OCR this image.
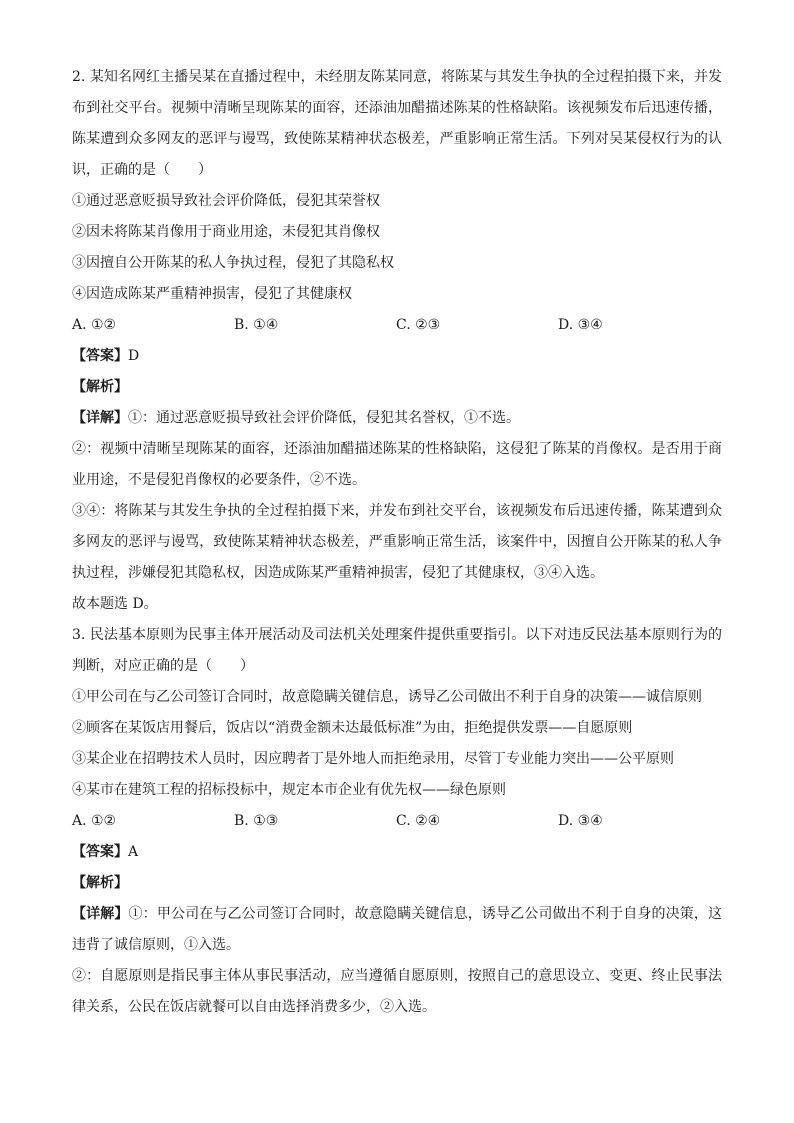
2. 某知名网红主播吴某在直播过程中，未经朋友陈某同意，将陈某与其发生争执的全过程拍摄下来，并发布到社交平台。视频中清晰呈现陈某的面容，还添油加醋描述陈某的性格缺陷。该视频发布后迅速传播，陈某遭到众多网友的恶评与谩骂，致使陈某精神状态极差，严重影响正常生活。下列对吴某侵权行为的认识，正确的是（　　）

①通过恶意贬损导致社会评价降低，侵犯其荣誉权

②因未将陈某肖像用于商业用途，未侵犯其肖像权

③因擅自公开陈某的私人争执过程，侵犯了其隐私权

④因造成陈某严重精神损害，侵犯了其健康权

A. ①②	B. ①④	C. ②③	D. ③④

【答案】D

【解析】

【详解】①：通过恶意贬损导致社会评价降低，侵犯其名誉权，①不选。

②：视频中清晰呈现陈某的面容，还添油加醋描述陈某的性格缺陷，这侵犯了陈某的肖像权。是否用于商业用途，不是侵犯肖像权的必要条件，②不选。

③④：将陈某与其发生争执的全过程拍摄下来，并发布到社交平台，该视频发布后迅速传播，陈某遭到众多网友的恶评与谩骂，致使陈某精神状态极差，严重影响正常生活，该案件中，因擅自公开陈某的私人争执过程，涉嫌侵犯其隐私权，因造成陈某严重精神损害，侵犯了其健康权，③④入选。

故本题选 D。

3. 民法基本原则为民事主体开展活动及司法机关处理案件提供重要指引。以下对违反民法基本原则行为的判断，对应正确的是（　　）

①甲公司在与乙公司签订合同时，故意隐瞒关键信息，诱导乙公司做出不利于自身的决策——诚信原则

②顾客在某饭店用餐后，饭店以“消费金额未达最低标准”为由，拒绝提供发票——自愿原则

③某企业在招聘技术人员时，因应聘者丁是外地人而拒绝录用，尽管丁专业能力突出——公平原则

④某市在建筑工程的招标投标中，规定本市企业有优先权——绿色原则

A. ①②	B. ①③	C. ②④	D. ③④

【答案】A

【解析】

【详解】①：甲公司在与乙公司签订合同时，故意隐瞒关键信息，诱导乙公司做出不利于自身的决策，这违背了诚信原则，①入选。

②：自愿原则是指民事主体从事民事活动，应当遵循自愿原则，按照自己的意思设立、变更、终止民事法律关系，公民在饭店就餐可以自由选择消费多少，②入选。
